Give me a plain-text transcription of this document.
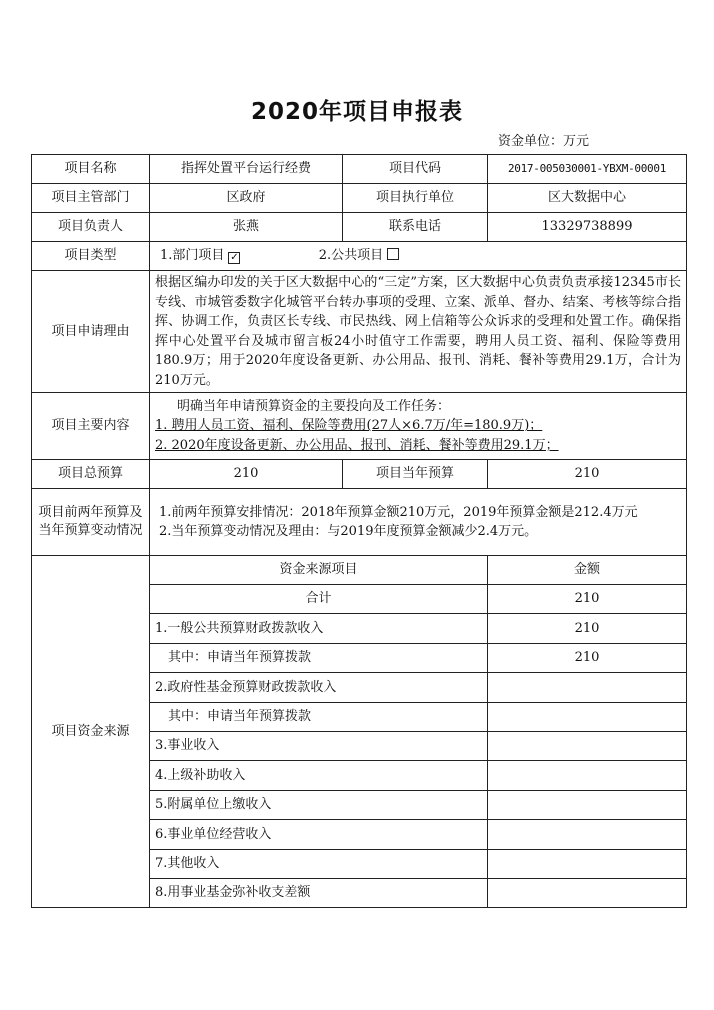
2020年项目申报表
资金单位：万元
项目名称	指挥处置平台运行经费	项目代码	2017-005030001-YBXM-00001
项目主管部门	区政府	项目执行单位	区大数据中心
项目负责人	张燕	联系电话	13329738899
项目类型	1.部门项目 ✓ 2.公共项目		
项目申请理由	根据区编办印发的关于区大数据中心的“三定”方案，区大数据中心负责负责承接12345市长专线、市城管委数字化城管平台转办事项的受理、立案、派单、督办、结案、考核等综合指挥、协调工作，负责区长专线、市民热线、网上信箱等公众诉求的受理和处置工作。确保指挥中心处置平台及城市留言板24小时值守工作需要，聘用人员工资、福利、保险等费用180.9万；用于2020年度设备更新、办公用品、报刊、消耗、餐补等费用29.1万，合计为210万元。		
项目主要内容	明确当年申请预算资金的主要投向及工作任务：
1. 聘用人员工资、福利、保险等费用(27人×6.7万/年=180.9万)；
2. 2020年度设备更新、办公用品、报刊、消耗、餐补等费用29.1万；		

项目总预算	210	项目当年预算	210
项目前两年预算及当年预算变动情况	1.前两年预算安排情况：2018年预算金额210万元，2019年预算金额是212.4万元
2.当年预算变动情况及理由：与2019年度预算金额减少2.4万元。		

项目资金来源	资金来源项目		金额
	合计		210
	1.一般公共预算财政拨款收入		210
	其中：申请当年预算拨款		210
	2.政府性基金预算财政拨款收入		
	其中：申请当年预算拨款		
	3.事业收入		
	4.上级补助收入		
	5.附属单位上缴收入		
	6.事业单位经营收入		
	7.其他收入		
	8.用事业基金弥补收支差额		
